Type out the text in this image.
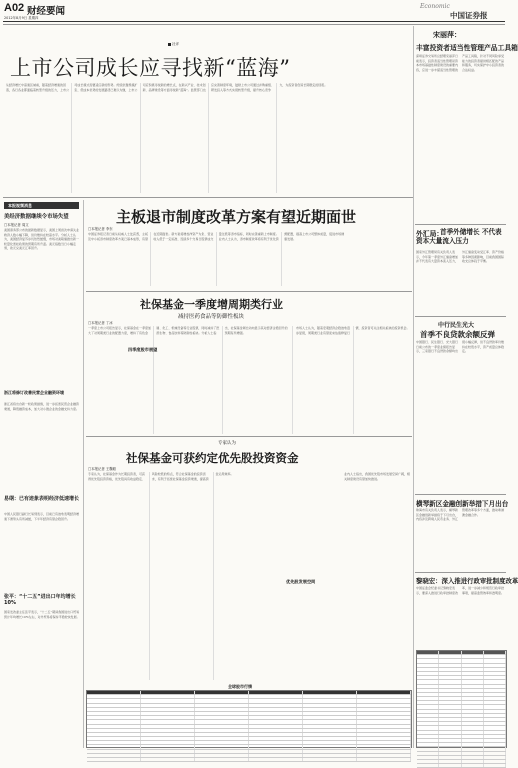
A02 财经要闻
2012年8月9日 星期四
Economic
中国证券报
社评
上市公司成长应寻找新“蓝海”
从经济增长中高速区域看，随着经济增速的回落，各行各业都面临着转型升级的压力，上市公司成长模式需要适应新的形势。传统依靠规模扩张、低成本优势的发展路径已难以为继，上市公司应积极寻找新的增长点，在新兴产业、技术创新、品牌建设等方面寻找新“蓝海”。监管部门也应完善制度环境，鼓励上市公司通过并购重组、研发投入等方式实现转型升级，提升核心竞争力，为投资者创造长期稳定的回报。
本报视频消息
美经济数据继续令市场失望
□本报记者 周文
美国商务部公布的最新数据显示，美国上周首次申请失业救济人数小幅下降，但仍维持在较高水平。分析人士认为，美国经济复苏步伐依然缓慢，市场对美联储推出新一轮量化宽松政策的预期有所升温。美元指数当日小幅走弱，欧元兑美元汇率回升。
浙江将修订改善民营企业融资环境
浙江省将出台新一轮政策措施，进一步拓宽民营企业融资渠道，降低融资成本，加大对小微企业的金融支持力度。
易纲：已有迹象表明经济低速增长
中国人民银行副行长易纲表示，目前已有迹象表明经济增速下滑势头有所减缓，下半年经济有望企稳回升。
张平：“十二五”进出口年均增长10%
国家发改委主任张平表示，“十二五”期间我国进出口贸易预计年均增长10%左右，对外贸易将保持平稳较快发展。
主板退市制度改革方案有望近期面世
□本报记者 李东
中国证券报记者日前从权威人士处获悉，主板及中小板退市制度改革方案已基本成形，有望在近期面世。新方案将增加净资产为负、营业收入低于一定标准、连续多个交易日股票成交量过低等退市指标，同时完善重新上市制度。业内人士认为，退市制度改革将有利于优化资源配置，提高上市公司整体质量，促进市场健康发展。
社保基金一季度增周期类行业
减持医药食品等防御性板块
□本报记者 丁冰
一季度上市公司报告显示，社保基金在一季度加大了对周期类行业的配置力度，增持了有色金属、化工、机械设备等行业股票，同时减持了医药生物、食品饮料等防御性板块。分析人士指出，社保基金调仓动向显示其对经济企稳回升的预期有所增强。
四季度股市展望
市场人士认为，随着宏观经济企稳迹象逐步显现，周期类行业有望迎来估值修复行情，投资者可关注相关板块的投资机会。
专家认为
社保基金可获约定优先股投资资金
□本报记者 王魏聪
专家认为，社保基金作为长期投资者，可获得优先股投资资格，优先股具有收益稳定、风险较低的特点，符合社保基金的投资需求，有利于拓宽社保基金投资渠道，提高资金运用效率。
优先股发展空间
业内人士指出，我国优先股市场发展空间广阔，相关制度建设有望加快推进。
全球股市行情
宋丽萍：
丰富投资者适当性管理产品工具箱
深圳证券交易所总经理宋丽萍日前表示，投资者适当性管理是资本市场基础性制度建设的重要内容，应进一步丰富适当性管理的产品工具箱，针对不同风险承受能力的投资者提供相匹配的产品和服务，切实保护中小投资者的合法权益。
外汇局：
首季外储增长 不代表资本大量流入压力
国家外汇管理局有关负责人表示，今年第一季度外汇储备增加并不代表有大量资本流入压力，外汇储备变动受汇率、资产价格等多种因素影响，目前我国国际收支总体趋于平衡。
中行民生光大
首季不良贷款余额反弹
中国银行、民生银行、光大银行日前公布的一季度业绩报告显示，三家银行不良贷款余额均出现小幅反弹，但不良贷款率仍维持在较低水平，资产质量总体稳定。
横琴新区金融创新举措下月出台
珠海市有关负责人表示，横琴新区金融创新举措将于下月出台，内容涉及跨境人民币业务、外汇管理改革等多个方面，推动粤港澳金融合作。
黎晓宏：深入推进行政审批制度改革
中国证监会纪委书记黎晓宏表示，要深入推进行政审批制度改革，进一步减少和规范行政审批事项，提高监管效率和透明度。
